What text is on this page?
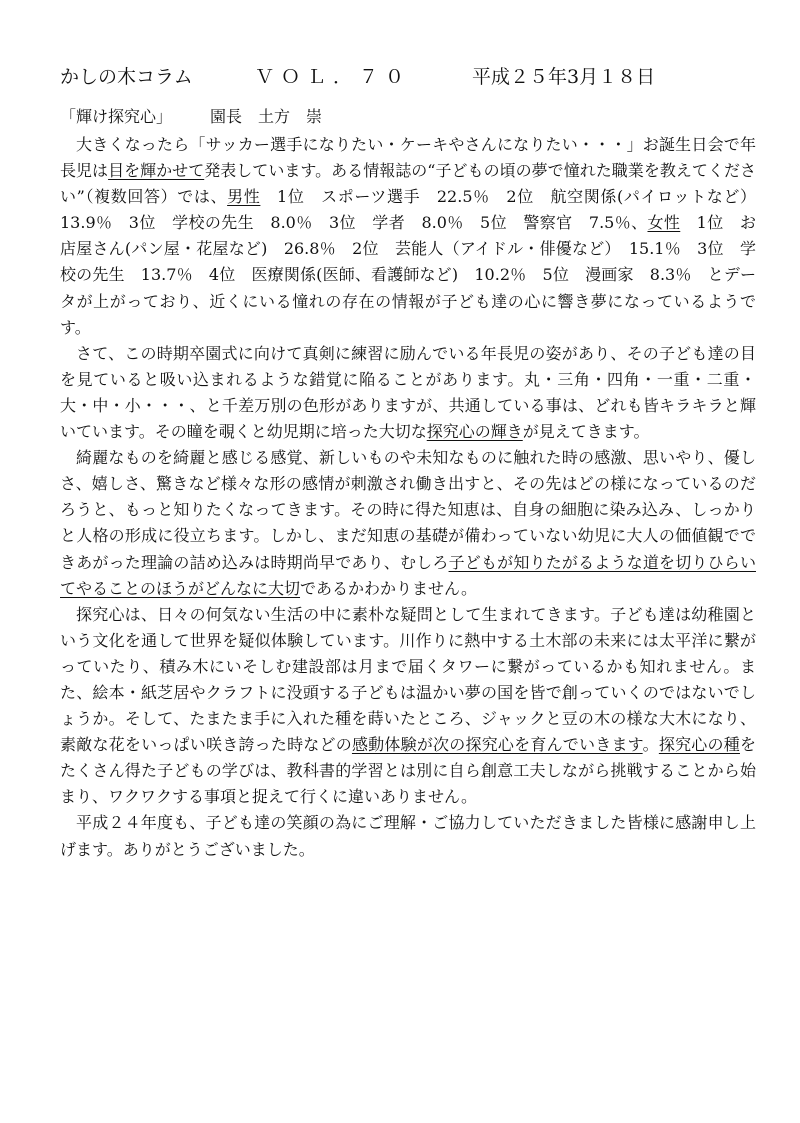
かしの木コラム	ＶＯＬ．７０	平成２５年3月１８日
「輝け探究心」 園長　土方　崇

大きくなったら「サッカー選手になりたい・ケーキやさんになりたい・・・」お誕生日会で年長児は目を輝かせて発表しています。ある情報誌の“子どもの頃の夢で憧れた職業を教えてください”（複数回答）では、男性　1位　スポーツ選手　22.5％　2位　航空関係(パイロットなど）13.9％　3位　学校の先生　8.0％　3位　学者　8.0％　5位　警察官　7.5％、女性　1位　お店屋さん(パン屋・花屋など)　26.8％　2位　芸能人（アイドル・俳優など）　15.1％　3位　学校の先生　13.7％　4位　医療関係(医師、看護師など)　10.2％　5位　漫画家　8.3％　とデータが上がっており、近くにいる憧れの存在の情報が子ども達の心に響き夢になっているようです。

さて、この時期卒園式に向けて真剣に練習に励んでいる年長児の姿があり、その子ども達の目を見ていると吸い込まれるような錯覚に陥ることがあります。丸・三角・四角・一重・二重・大・中・小・・・、と千差万別の色形がありますが、共通している事は、どれも皆キラキラと輝いています。その瞳を覗くと幼児期に培った大切な探究心の輝きが見えてきます。

綺麗なものを綺麗と感じる感覚、新しいものや未知なものに触れた時の感激、思いやり、優しさ、嬉しさ、驚きなど様々な形の感情が刺激され働き出すと、その先はどの様になっているのだろうと、もっと知りたくなってきます。その時に得た知恵は、自身の細胞に染み込み、しっかりと人格の形成に役立ちます。しかし、まだ知恵の基礎が備わっていない幼児に大人の価値観でできあがった理論の詰め込みは時期尚早であり、むしろ子どもが知りたがるような道を切りひらいてやることのほうがどんなに大切であるかわかりません。

探究心は、日々の何気ない生活の中に素朴な疑問として生まれてきます。子ども達は幼稚園という文化を通して世界を疑似体験しています。川作りに熱中する土木部の未来には太平洋に繋がっていたり、積み木にいそしむ建設部は月まで届くタワーに繋がっているかも知れません。また、絵本・紙芝居やクラフトに没頭する子どもは温かい夢の国を皆で創っていくのではないでしょうか。そして、たまたま手に入れた種を蒔いたところ、ジャックと豆の木の様な大木になり、素敵な花をいっぱい咲き誇った時などの感動体験が次の探究心を育んでいきます。探究心の種をたくさん得た子どもの学びは、教科書的学習とは別に自ら創意工夫しながら挑戦することから始まり、ワクワクする事項と捉えて行くに違いありません。

平成２４年度も、子ども達の笑顔の為にご理解・ご協力していただきました皆様に感謝申し上げます。ありがとうございました。
